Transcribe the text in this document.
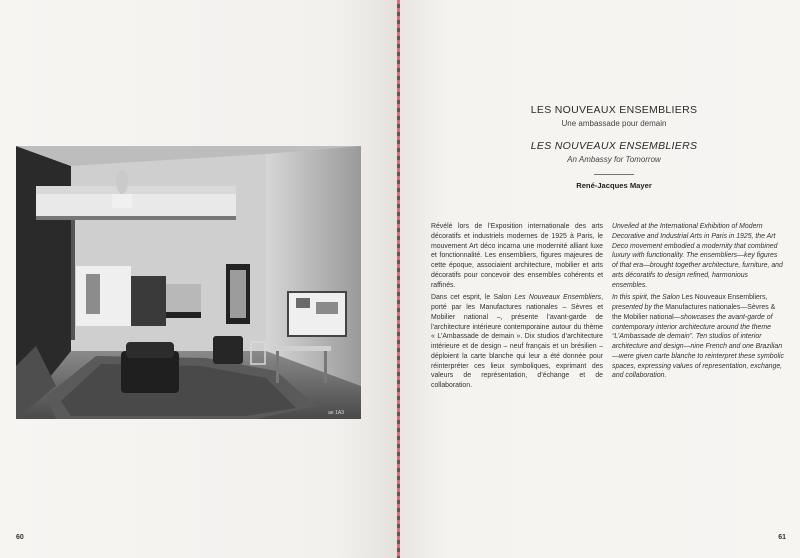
ae 1A3
60	61
LES NOUVEAUX ENSEMBLIERS
Une ambassade pour demain
LES NOUVEAUX ENSEMBLIERS
An Ambassy for Tomorrow
René-Jacques Mayer

Révélé lors de l’Exposition internationale des arts décoratifs et industriels modernes de 1925 à Paris, le mouvement Art déco incarna une modernité alliant luxe et fonctionnalité. Les ensembliers, figures majeures de cette époque, associaient architecture, mobilier et arts décoratifs pour concevoir des ensembles cohérents et raffinés.

Dans cet esprit, le Salon Les Nouveaux Ensembliers, porté par les Manufactures nationales – Sèvres et Mobilier national –, présente l’avant-garde de l’architecture intérieure contemporaine autour du thème « L’Ambassade de demain ». Dix studios d’architecture intérieure et de design – neuf français et un brésilien – déploient la carte blanche qui leur a été donnée pour réinterpréter ces lieux symboliques, exprimant des valeurs de représentation, d’échange et de collaboration.

Unveiled at the International Exhibition of Modern Decorative and Industrial Arts in Paris in 1925, the Art Deco movement embodied a modernity that combined luxury with functionality. The ensembliers—key figures of that era—brought together architecture, furniture, and arts décoratifs to design refined, harmonious ensembles.

In this spirit, the Salon Les Nouveaux Ensembliers, presented by the Manufactures nationales—Sèvres & the Mobilier national—showcases the avant-garde of contemporary interior architecture around the theme “L’Ambassade de demain”. Ten studios of interior architecture and design—nine French and one Brazilian—were given carte blanche to reinterpret these symbolic spaces, expressing values of representation, exchange, and collaboration.
